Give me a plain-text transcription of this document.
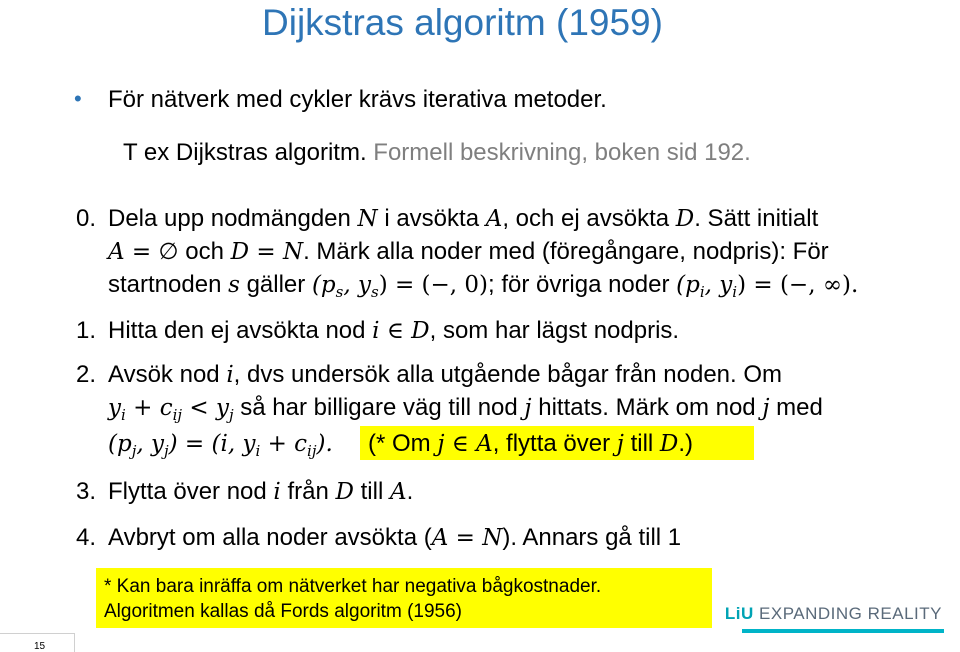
Dijkstras algoritm (1959)
• För nätverk med cykler krävs iterativa metoder.
T ex Dijkstras algoritm. Formell beskrivning, boken sid 192.
0. Dela upp nodmängden N i avsökta A, och ej avsökta D. Sätt initialt
A = ∅ och D = N. Märk alla noder med (föregångare, nodpris): För
startnoden s gäller ($p_s$, $y_s$) = (−, 0); för övriga noder ($p_i$, $y_i$) = (−, ∞).
1. Hitta den ej avsökta nod i ∈ D, som har lägst nodpris.
2. Avsök nod i, dvs undersök alla utgående bågar från noden. Om
$y_i + c_{ij} < y_j$ så har billigare väg till nod j hittats. Märk om nod j med
($p_j$, $y_j) = (i$, $y_i + c_{ij}$). (* Om j ∈ A, flytta över j till D.)
3. Flytta över nod i från D till A.
4. Avbryt om alla noder avsökta (A = N). Annars gå till 1
* Kan bara inräffa om nätverket har negativa bågkostnader.
Algoritmen kallas då Fords algoritm (1956)	LiU EXPANDING REALITY
15
